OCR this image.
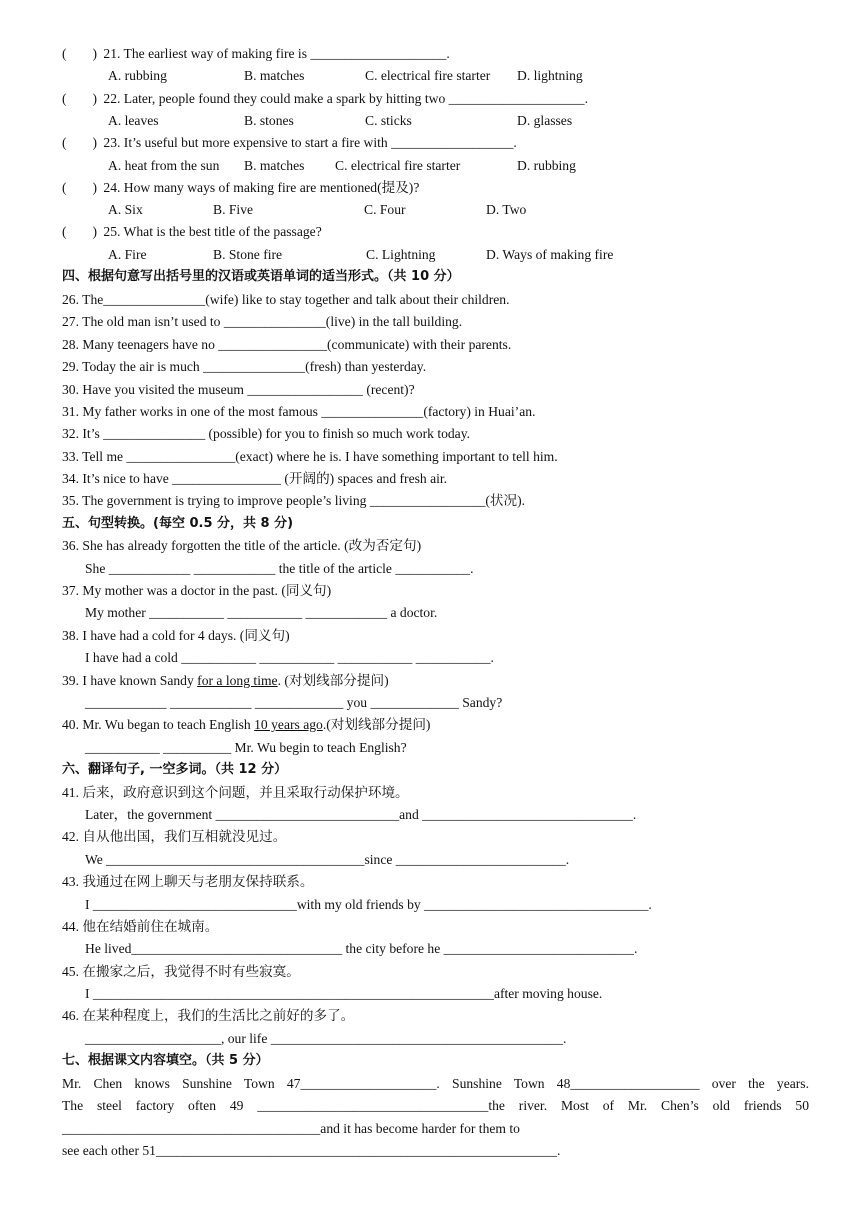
( ) 21. The earliest way of making fire is ____________________.
A. rubbing	B. matches	C. electrical fire starter D. lightning
( ) 22. Later, people found they could make a spark by hitting two ____________________.
A. leaves	B. stones	C. sticks	D. glasses
( ) 23. It’s useful but more expensive to start a fire with __________________.
A. heat from the sun B. matches C. electrical fire starter	D. rubbing
( ) 24. How many ways of making fire are mentioned(提及)?
A. Six	B. Five	C. Four	D. Two
( ) 25. What is the best title of the passage?
A. Fire	B. Stone fire	C. Lightning	D. Ways of making fire
四、根据句意写出括号里的汉语或英语单词的适当形式。（共 10 分）
26. The_______________(wife) like to stay together and talk about their children.
27. The old man isn’t used to _______________(live) in the tall building.
28. Many teenagers have no ________________(communicate) with their parents.
29. Today the air is much _______________(fresh) than yesterday.
30. Have you visited the museum _________________ (recent)?
31. My father works in one of the most famous _______________(factory) in Huai’an.
32. It’s _______________ (possible) for you to finish so much work today.
33. Tell me ________________(exact) where he is. I have something important to tell him.
34. It’s nice to have ________________ (开阔的) spaces and fresh air.
35. The government is trying to improve people’s living _________________(状况).
五、句型转换。(每空 0.5 分，共 8 分)
36. She has already forgotten the title of the article. (改为否定句)
She ____________ ____________ the title of the article ___________.
37. My mother was a doctor in the past. (同义句)
My mother ___________ ___________ ____________ a doctor.
38. I have had a cold for 4 days. (同义句)
I have had a cold ___________ ___________ ___________ ___________.
39. I have known Sandy for a long time. (对划线部分提问)
____________ ____________ _____________ you _____________ Sandy?
40. Mr. Wu began to teach English 10 years ago.(对划线部分提问)
___________ __________ Mr. Wu begin to teach English?
六、翻译句子, 一空多词。（共 12 分）
41. 后来，政府意识到这个问题，并且采取行动保护环境。
Later，the government ___________________________and _______________________________.
42. 自从他出国，我们互相就没见过。
We ______________________________________since _________________________.
43. 我通过在网上聊天与老朋友保持联系。
I ______________________________with my old friends by _________________________________.
44. 他在结婚前住在城南。
He lived_______________________________ the city before he ____________________________.
45. 在搬家之后，我觉得不时有些寂寞。
I ___________________________________________________________after moving house.
46. 在某种程度上，我们的生活比之前好的多了。
____________________, our life ___________________________________________.
七、根据课文内容填空。（共 5 分）
Mr. Chen knows Sunshine Town 47____________________. Sunshine Town 48___________________ over the years.
The steel factory often 49 __________________________________the river. Most of Mr. Chen’s old friends 50
______________________________________and it has become harder for them to
see each other 51___________________________________________________________.
